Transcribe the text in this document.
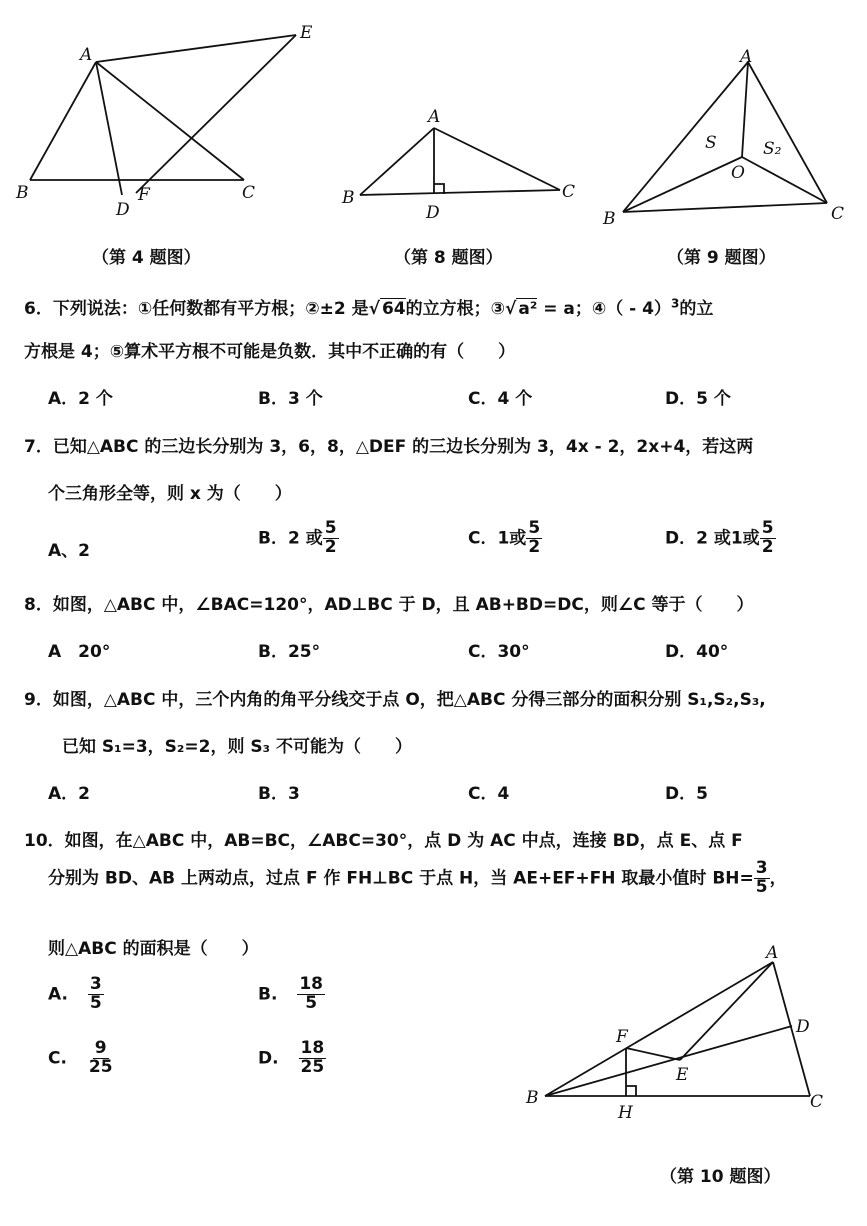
A
E
B	C
D
F
（第 4 题图）
A
B	C
D
（第 8 题图）
A
B	C
O
S	S₂
（第 9 题图）
6．下列说法：①任何数都有平方根；②±2 是√ 64的立方根；③√ a² = a；④（ - 4）$^3$的立
方根是 4；⑤算术平方根不可能是负数．其中不正确的有（　　）
A．2 个	B．3 个	C．4 个	D．5 个
7．已知△ABC 的三边长分别为 3，6，8，△DEF 的三边长分别为 3，4x - 2，2x+4，若这两
个三角形全等，则 x 为（　　）
A、2
B．2 或 $\frac{5}{2}$	C．1或 $\frac{5}{2}$	D．2 或1或 $\frac{5}{2}$
8．如图，△ABC 中，∠BAC=120°，AD⊥BC 于 D，且 AB+BD=DC，则∠C 等于（　　）
A　20°	B．25°	C．30°	D．40°
9．如图，△ABC 中，三个内角的角平分线交于点 O，把△ABC 分得三部分的面积分别 S₁,S₂,S₃,
已知 S₁=3，S₂=2，则 S₃ 不可能为（　　）
A．2	B．3	C．4	D．5
10．如图，在△ABC 中，AB=BC，∠ABC=30°，点 D 为 AC 中点，连接 BD，点 E、点 F
分别为 BD、AB 上两动点，过点 F 作 FH⊥BC 于点 H，当 AE+EF+FH 取最小值时 $BH= \frac{3}{5}$ ，
则△ABC 的面积是（　　）
A. $\frac{3}{5}$	B. $\frac{18}{5}$
C. $\frac{9}{25}$	D. $\frac{18}{25}$
A
B	C
D
E
F
H
（第 10 题图）
